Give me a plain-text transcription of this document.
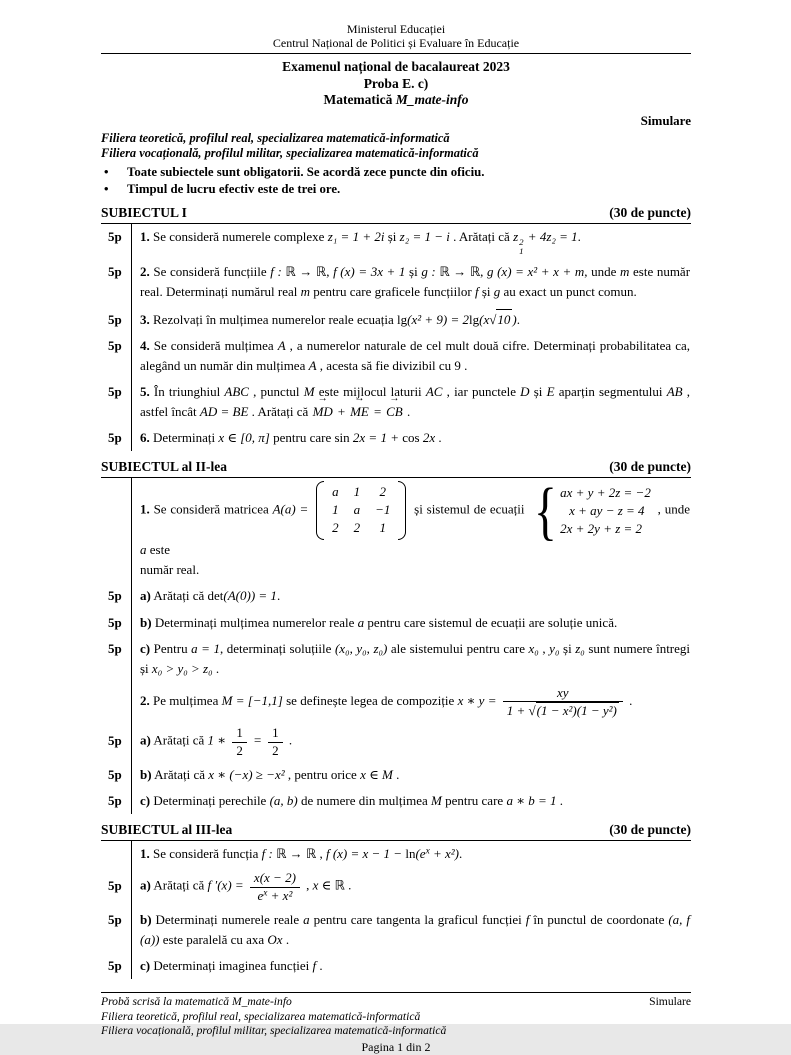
Ministerul Educației
Centrul Național de Politici și Evaluare în Educație
Examenul național de bacalaureat 2023
Proba E. c)
Matematică M_mate-info
Simulare
Filiera teoretică, profilul real, specializarea matematică-informatică
Filiera vocațională, profilul militar, specializarea matematică-informatică
•	Toate subiectele sunt obligatorii. Se acordă zece puncte din oficiu.
•	Timpul de lucru efectiv este de trei ore.
SUBIECTUL I	(30 de puncte)
5p	1. Se consideră numerele complexe z₁ = 1 + 2i și z₂ = 1 − i . Arătați că z 2
1
+ 4z₂ = 1.
5p	2. Se consideră funcțiile f : ℝ → ℝ, f (x) = 3x + 1 și g : ℝ → ℝ, g (x) = x² + x + m, unde m este număr real. Determinați numărul real m pentru care graficele funcțiilor f și g au exact un punct comun.
5p	3. Rezolvați în mulțimea numerelor reale ecuația lg(x² + 9) = 2lg(x √ 10 ).
5p	4. Se consideră mulțimea A , a numerelor naturale de cel mult două cifre. Determinați probabilitatea ca, alegând un număr din mulțimea A , acesta să fie divizibil cu 9 .
5p	5. În triunghiul ABC , punctul M este mijlocul laturii AC , iar punctele D și E aparțin segmentului AB , astfel încât AD = BE . Arătați că → MD + → ME = → CB .
5p	6. Determinați x ∈ [0, π] pentru care sin 2x = 1 + cos 2x .
SUBIECTUL al II-lea	(30 de puncte)
1. Se consideră matricea A(a) =
a 1 2
1 a −1
2 2 1
și sistemul de ecuații { ax + y + 2z = −2
x + ay − z = 4
2x + 2y + z = 2
, unde a este
număr real.
5p	a) Arătați că det(A(0)) = 1.
5p	b) Determinați mulțimea numerelor reale a pentru care sistemul de ecuații are soluție unică.
5p	c) Pentru a = 1, determinați soluțiile (x₀, y₀, z₀) ale sistemului pentru care x₀ , y₀ și z₀ sunt numere întregi și x₀ > y₀ > z₀ .
2. Pe mulțimea M = [−1,1] se definește legea de compoziție x ∗ $y = \frac{xy}{\text{1 + √ (1 − x²)(1 − y²)}}$ .
5p	a) Arătați că 1 ∗ $\frac{1}{2} = \frac{1}{2}$ .
5p	b) Arătați că x ∗ (−x) ≥ −x² , pentru orice x ∈ M .
5p	c) Determinați perechile (a, b) de numere din mulțimea M pentru care a ∗ b = 1 .
SUBIECTUL al III-lea	(30 de puncte)
1. Se consideră funcția f : ℝ → ℝ , f $(x) = x - 1 - \ln(e^x + x^2)$.
5p	a) Arătați că f $'(x) = \frac{x(x - 2)}{e^x + x^2}$ , x ∈ ℝ .
5p	b) Determinați numerele reale a pentru care tangenta la graficul funcției f în punctul de coordonate (a, f (a)) este paralelă cu axa Ox .
5p	c) Determinați imaginea funcției f .
Probă scrisă la matematică M_mate-info	Simulare
Filiera teoretică, profilul real, specializarea matematică-informatică
Filiera vocațională, profilul militar, specializarea matematică-informatică
Pagina 1 din 2
